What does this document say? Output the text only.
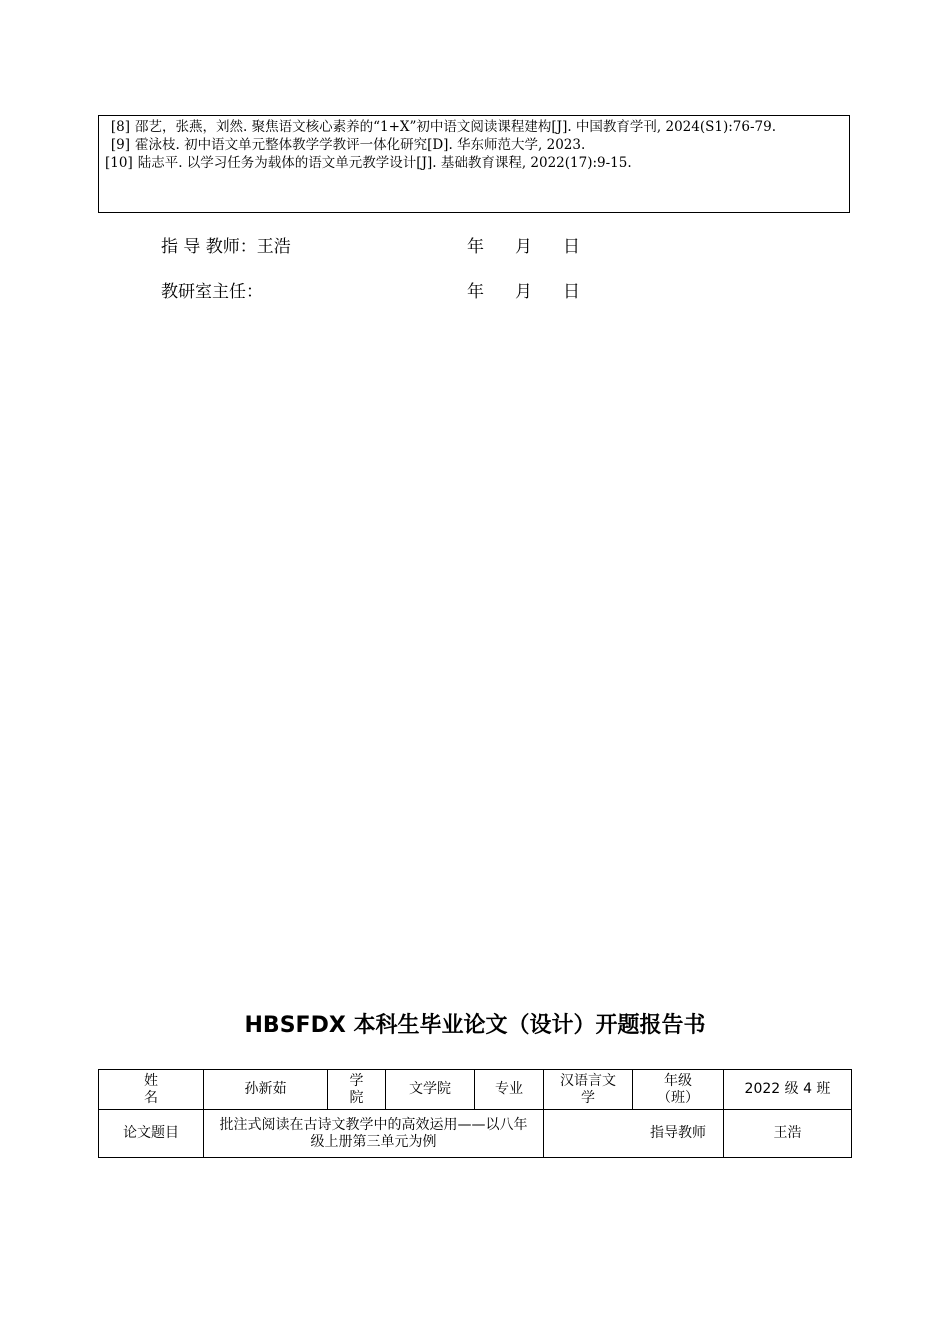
[8] 邵艺，张燕，刘然. 聚焦语文核心素养的“1+X”初中语文阅读课程建构[J]. 中国教育学刊, 2024(S1):76-79.
[9] 霍泳枝. 初中语文单元整体教学学教评一体化研究[D]. 华东师范大学, 2023.
[10] 陆志平. 以学习任务为载体的语文单元教学设计[J]. 基础教育课程, 2022(17):9-15.
指 导 教师：王浩	年 月 日
教研室主任：	年 月 日
HBSFDX 本科生毕业论文（设计）开题报告书
姓 名	孙新茹	学院	文学院	专业	汉语言文学	年级（班）	2022 级 4 班
论文题目	批注式阅读在古诗文教学中的高效运用——以八年级上册第三单元为例				指导教师		王浩
